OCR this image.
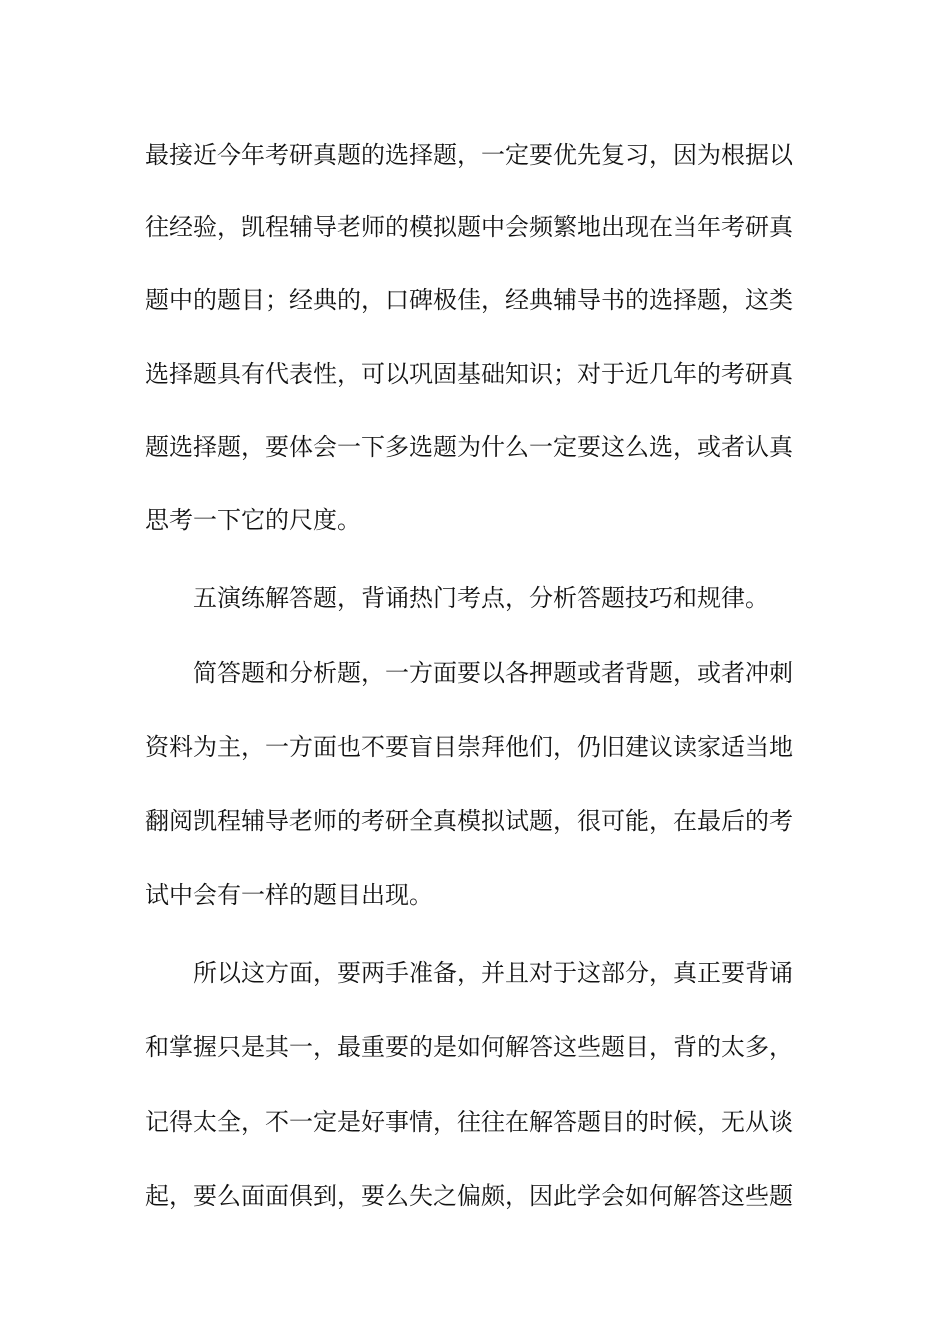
最接近今年考研真题的选择题，一定要优先复习，因为根据以
往经验，凯程辅导老师的模拟题中会频繁地出现在当年考研真
题中的题目；经典的，口碑极佳，经典辅导书的选择题，这类
选择题具有代表性，可以巩固基础知识；对于近几年的考研真
题选择题，要体会一下多选题为什么一定要这么选，或者认真
思考一下它的尺度。
五演练解答题，背诵热门考点，分析答题技巧和规律。
简答题和分析题，一方面要以各押题或者背题，或者冲刺
资料为主，一方面也不要盲目崇拜他们，仍旧建议读家适当地
翻阅凯程辅导老师的考研全真模拟试题，很可能，在最后的考
试中会有一样的题目出现。
所以这方面，要两手准备，并且对于这部分，真正要背诵
和掌握只是其一，最重要的是如何解答这些题目，背的太多，
记得太全，不一定是好事情，往往在解答题目的时候，无从谈
起，要么面面俱到，要么失之偏颇，因此学会如何解答这些题
